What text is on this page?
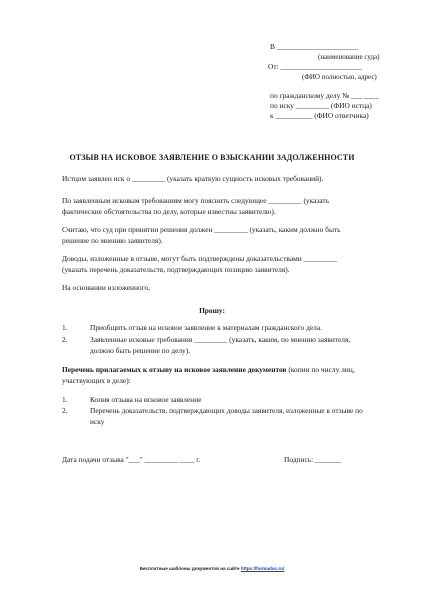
В ______________________
(наименование суда)
От: ______________________
(ФИО полностью, адрес)
по гражданскому делу № ___ ____
по иску _________ (ФИО истца)
к __________ (ФИО ответчика)
ОТЗЫВ НА ИСКОВОЕ ЗАЯВЛЕНИЕ О ВЗЫСКАНИИ ЗАДОЛЖЕННОСТИ
Истцом заявлен иск о _________ (указать краткую сущность исковых требований).
По заявленным исковым требованиям могу пояснить следующее _________ (указать фактические обстоятельства по делу, которые известны заявителю).
Считаю, что суд при принятии решения должен _________ (указать, каким должно быть решение по мнению заявителя).
Доводы, изложенные в отзыве, могут быть подтверждены доказательствами _________ (указать перечень доказательств, подтверждающих позицию заявителя).
На основании изложенного,
Прошу:
1.	Приобщить отзыв на исковое заявление к материалам гражданского дела.
2.	Заявленные исковые требования _________ (указать, каким, по мнению заявителя, должно быть решение по делу).
Перечень прилагаемых к отзыву на исковое заявление документов (копии по числу лиц, участвующих в деле):
1.	Копия отзыва на исковое заявление
2.	Перечень доказательств, подтверждающих доводы заявителя, изложенные в отзыве по иску
Дата подачи отзыва "___" _________ ____ г.	Подпись: _______
Бесплатные шаблоны документов на сайте https://formadoc.ru/
